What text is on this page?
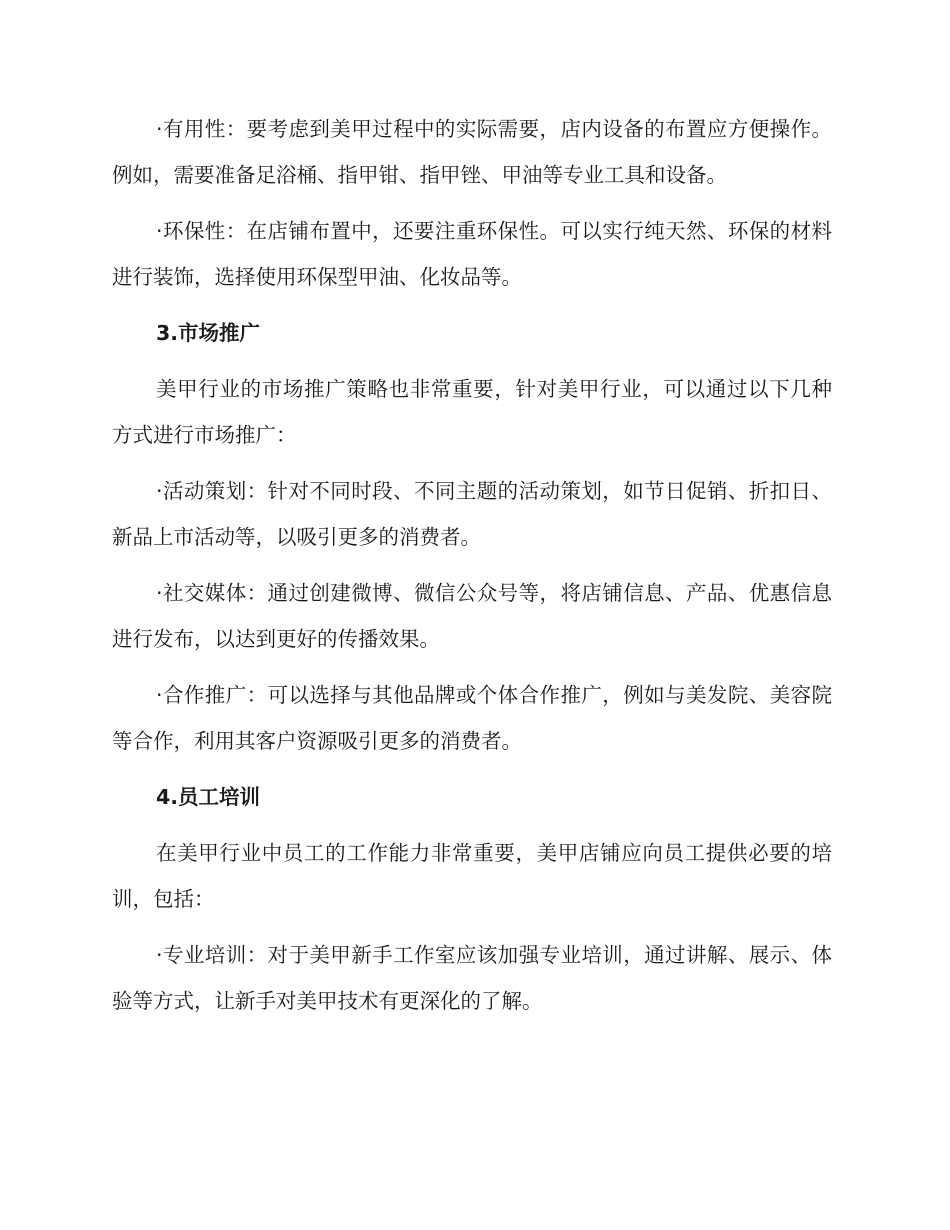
·有用性：要考虑到美甲过程中的实际需要，店内设备的布置应方便操作。例如，需要准备足浴桶、指甲钳、指甲锉、甲油等专业工具和设备。

·环保性：在店铺布置中，还要注重环保性。可以实行纯天然、环保的材料进行装饰，选择使用环保型甲油、化妆品等。

3.市场推广

美甲行业的市场推广策略也非常重要，针对美甲行业，可以通过以下几种方式进行市场推广：

·活动策划：针对不同时段、不同主题的活动策划，如节日促销、折扣日、新品上市活动等，以吸引更多的消费者。

·社交媒体：通过创建微博、微信公众号等，将店铺信息、产品、优惠信息进行发布，以达到更好的传播效果。

·合作推广：可以选择与其他品牌或个体合作推广，例如与美发院、美容院等合作，利用其客户资源吸引更多的消费者。

4.员工培训

在美甲行业中员工的工作能力非常重要，美甲店铺应向员工提供必要的培训，包括：

·专业培训：对于美甲新手工作室应该加强专业培训，通过讲解、展示、体验等方式，让新手对美甲技术有更深化的了解。
